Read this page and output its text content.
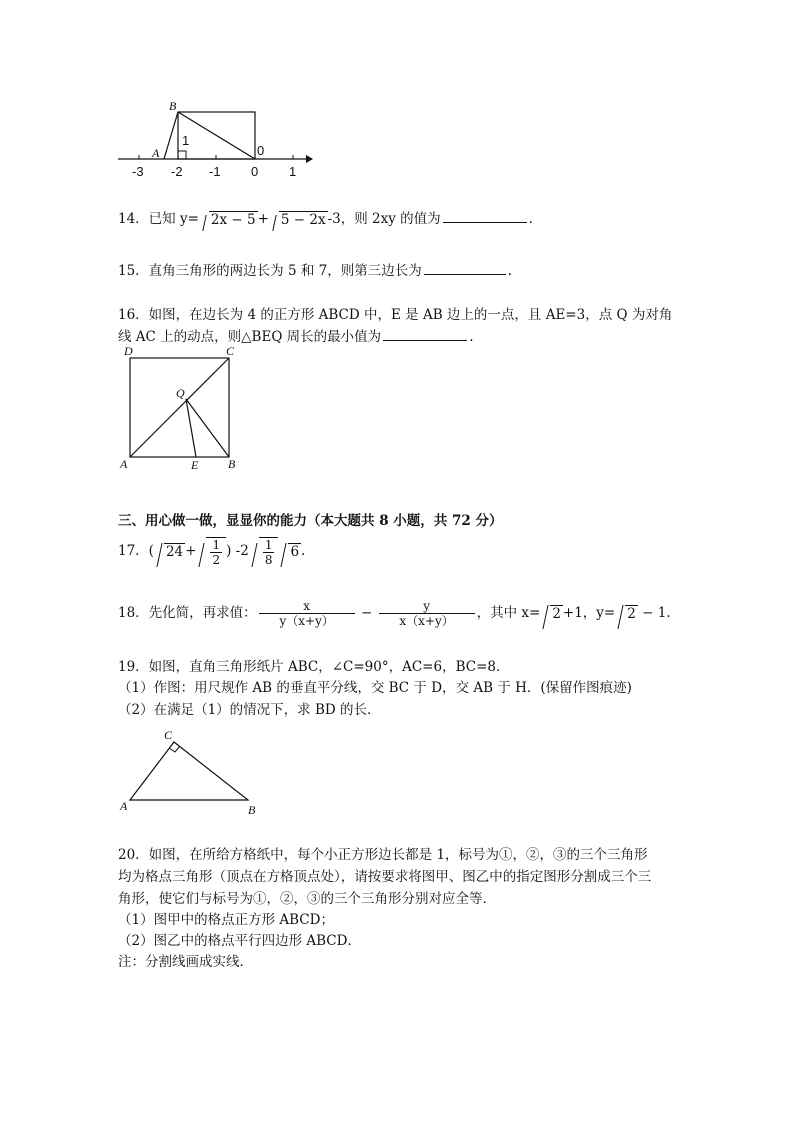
B
A
1
0
-3 -2 -1 0 1
14．已知 y= 2x − 5 + 5 − 2x -3，则 2xy 的值为	.
15．直角三角形的两边长为 5 和 7，则第三边长为	.
16．如图，在边长为 4 的正方形 ABCD 中，E 是 AB 边上的一点，且 AE=3，点 Q 为对角
线 AC 上的动点，则△BEQ 周长的最小值为	.
D	C
Q
A	E B
三、用心做一做，显显你的能力（本大题共 8 小题，共 72 分）
17．( $24 + \frac{1}{2}$ ) $-2 \frac{1}{8} 6$ .
18．先化简，再求值： $\frac{x}{y(x+y)} - \frac{y}{x(x+y)}$ ，其中 x= 2 +1，y= 2 − 1.
19．如图，直角三角形纸片 ABC，∠C=90°，AC=6，BC=8．
（1）作图：用尺规作 AB 的垂直平分线，交 BC 于 D，交 AB 于 H．(保留作图痕迹)
（2）在满足（1）的情况下，求 BD 的长．
C
A	B
20．如图，在所给方格纸中，每个小正方形边长都是 1，标号为①，②，③的三个三角形
均为格点三角形（顶点在方格顶点处），请按要求将图甲、图乙中的指定图形分割成三个三
角形，使它们与标号为①，②，③的三个三角形分别对应全等．
（1）图甲中的格点正方形 ABCD；
（2）图乙中的格点平行四边形 ABCD．
注：分割线画成实线．
